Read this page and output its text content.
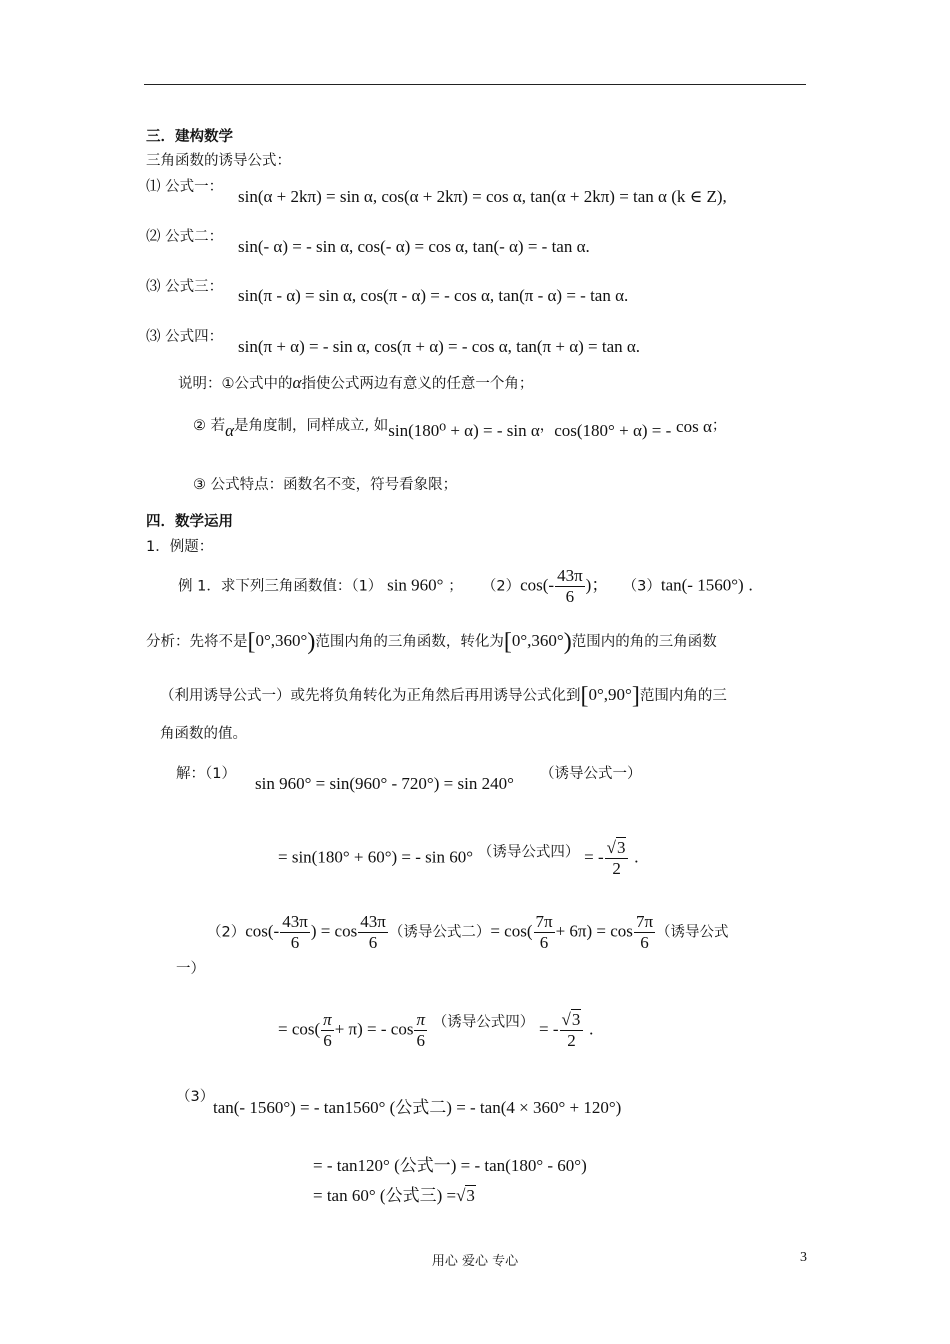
三．建构数学
三角函数的诱导公式：
⑴ 公式一： sin(α + 2kπ) = sin α, cos(α + 2kπ) = cos α, tan(α + 2kπ) = tan α (k ∈ Z),
⑵ 公式二： sin(- α) = - sin α, cos(- α) = cos α, tan(- α) = - tan α.
⑶ 公式三： sin(π - α) = sin α, cos(π - α) = - cos α, tan(π - α) = - tan α.
⑶ 公式四： sin(π + α) = - sin α, cos(π + α) = - cos α, tan(π + α) = tan α.
说明：①公式中的α指使公式两边有意义的任意一个角；
② 若α是角度制，同样成立, 如sin(180⁰ + α) = - sin α，cos(180° + α) = - cos α；
③ 公式特点：函数名不变，符号看象限；
四．数学运用
1．例题：
例 1．求下列三角函数值：（1） sin 960° ； $(2)\cos(- \frac{43\pi}{6}$ )； （3）tan(- 1560°) .
分析：先将不是[0°,360°)范围内角的三角函数，转化为[0°,360°)范围内的角的三角函数
（利用诱导公式一）或先将负角转化为正角然后再用诱导公式化到[0°,90°]范围内角的三
角函数的值。
解：（1） sin 960° = sin(960° - 720°) = sin 240° （诱导公式一）
= sin(180° + 60°) = - sin 60° （诱导公式四） = - $\frac{√3}{2}$ .
$(2)\cos(- \frac{43\pi}{6}$ ) = $\cos \frac{43\pi}{6}$ （诱导公式二）= $\cos( \frac{7\pi}{6} + 6\pi) = \cos \frac{7\pi}{6}$ （诱导公式
一）
= $\cos( \frac{\pi}{6} + \pi)$ = - $\cos \frac{\pi}{6}$ （诱导公式四） = - $\frac{√3}{2}$ .
（3）
tan(- 1560°) = - tan1560° (公式二) = - tan(4 × 360° + 120°)
= - tan120° (公式一) = - tan(180° - 60°)
= tan 60° (公式三) =√3
用心 爱心 专心	3
